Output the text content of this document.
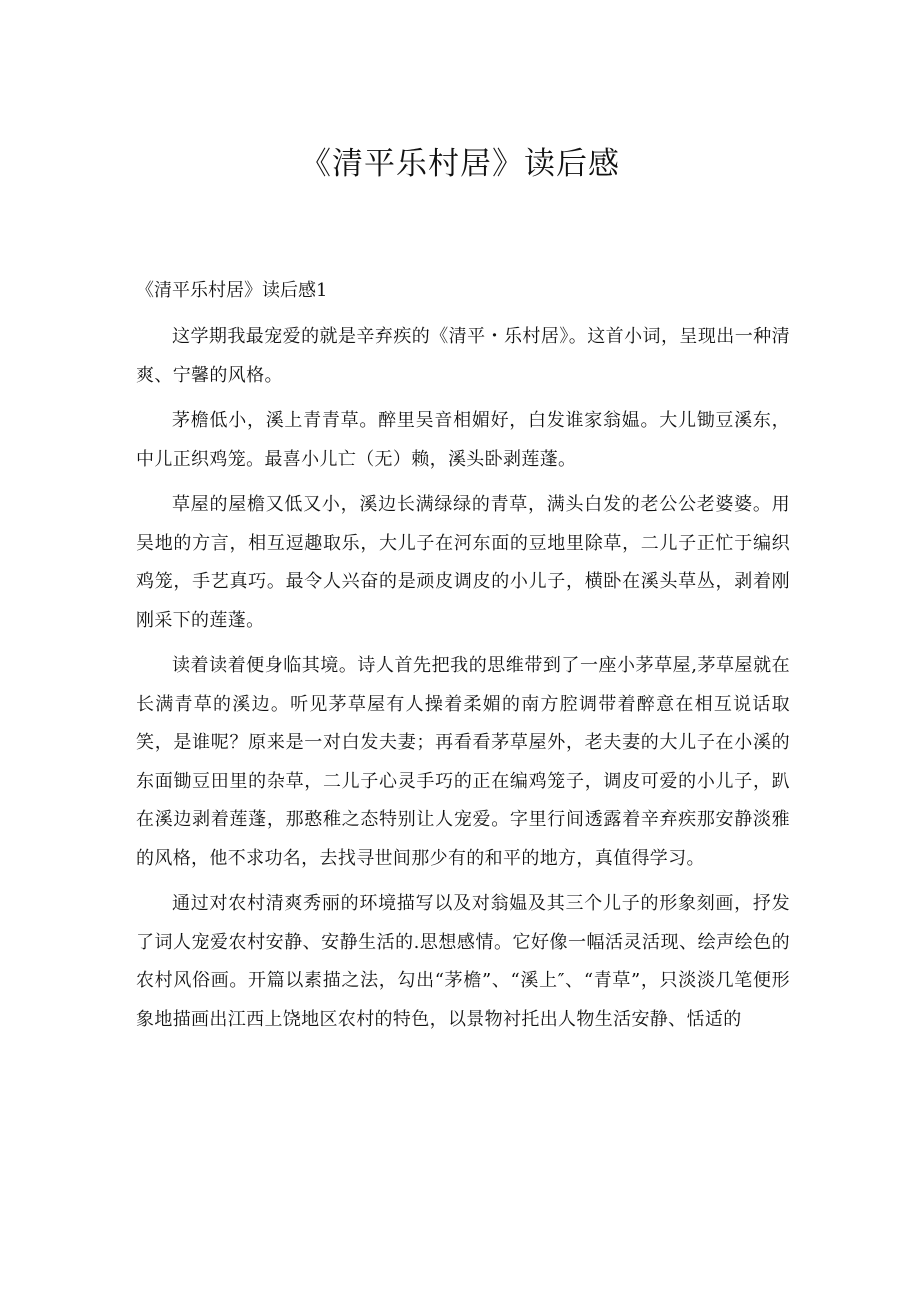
《清平乐村居》读后感

《清平乐村居》读后感1

这学期我最宠爱的就是辛弃疾的《清平・乐村居》。这首小词，呈现出一种清爽、宁馨的风格。

茅檐低小，溪上青青草。醉里吴音相媚好，白发谁家翁媪。大儿锄豆溪东，中儿正织鸡笼。最喜小儿亡（无）赖，溪头卧剥莲蓬。

草屋的屋檐又低又小，溪边长满绿绿的青草，满头白发的老公公老婆婆。用吴地的方言，相互逗趣取乐，大儿子在河东面的豆地里除草，二儿子正忙于编织鸡笼，手艺真巧。最令人兴奋的是顽皮调皮的小儿子，横卧在溪头草丛，剥着刚刚采下的莲蓬。

读着读着便身临其境。诗人首先把我的思维带到了一座小茅草屋,茅草屋就在长满青草的溪边。听见茅草屋有人操着柔媚的南方腔调带着醉意在相互说话取笑，是谁呢？原来是一对白发夫妻；再看看茅草屋外，老夫妻的大儿子在小溪的东面锄豆田里的杂草，二儿子心灵手巧的正在编鸡笼子，调皮可爱的小儿子，趴在溪边剥着莲蓬，那憨稚之态特别让人宠爱。字里行间透露着辛弃疾那安静淡雅的风格，他不求功名，去找寻世间那少有的和平的地方，真值得学习。

通过对农村清爽秀丽的环境描写以及对翁媪及其三个儿子的形象刻画，抒发了词人宠爱农村安静、安静生活的.思想感情。它好像一幅活灵活现、绘声绘色的农村风俗画。开篇以素描之法，勾出“茅檐”、“溪上″、“青草”，只淡淡几笔便形象地描画出江西上饶地区农村的特色，以景物衬托出人物生活安静、恬适的
